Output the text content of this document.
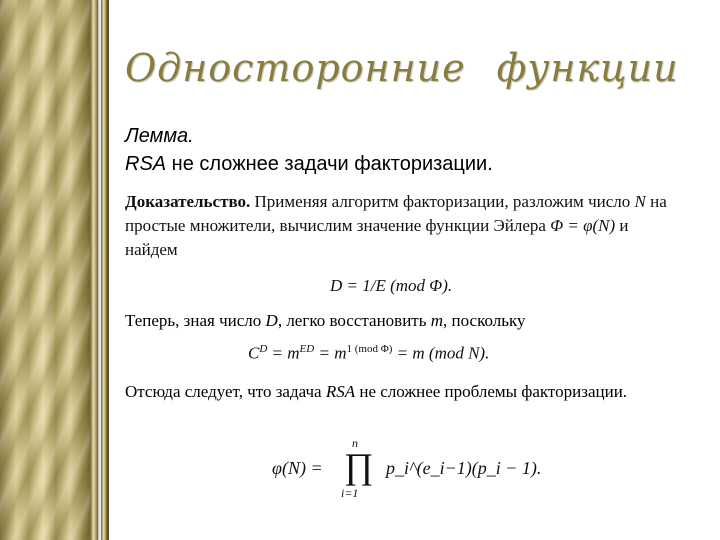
Односторонние функции
Лемма.
RSA не сложнее задачи факторизации.

Доказательство. Применяя алгоритм факторизации, разложим число N на простые множители, вычислим значение функции Эйлера Φ = φ(N) и найдем

D = 1/E (mod Φ).
Теперь, зная число D, легко восстановить m, поскольку
$C^D = m^{ED} = m^{1 (mod \Phi)} = m$ (mod N).
Отсюда следует, что задача RSA не сложнее проблемы факторизации.
φ(N) =
n
∏
i=1
p_i^(e_i−1)(p_i − 1).
